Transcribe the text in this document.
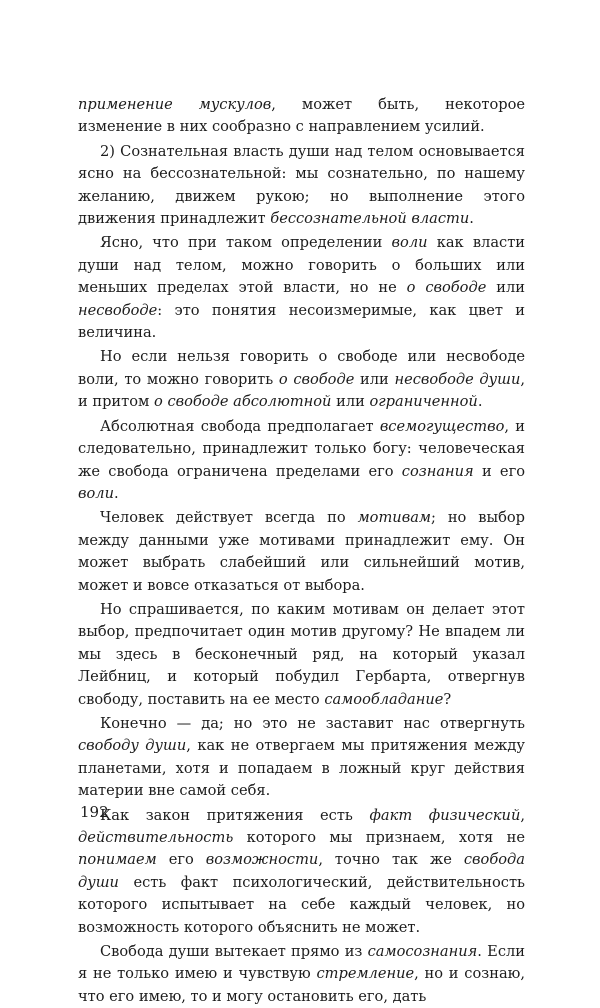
применение мускулов, может быть, некоторое изменение в них сообразно с направлением усилий.

2) Сознательная власть души над телом основывается ясно на бессознательной: мы сознательно, по нашему желанию, движем рукою; но выполнение этого движения принадлежит бессознательной власти.

Ясно, что при таком определении воли как власти души над телом, можно говорить о больших или меньших пределах этой власти, но не о свободе или несвободе: это понятия несоизмеримые, как цвет и величина.

Но если нельзя говорить о свободе или несвободе воли, то можно говорить о свободе или несвободе души, и притом о свободе абсолютной или ограниченной.

Абсолютная свобода предполагает всемогущество, и следовательно, принадлежит только богу: человеческая же свобода ограничена пределами его сознания и его воли.

Человек действует всегда по мотивам; но выбор между данными уже мотивами принадлежит ему. Он может выбрать слабейший или сильнейший мотив, может и вовсе отказаться от выбора.

Но спрашивается, по каким мотивам он делает этот выбор, предпочитает один мотив другому? Не впадем ли мы здесь в бесконечный ряд, на который указал Лейбниц, и который побудил Гербарта, отвергнув свободу, поставить на ее место самообладание?

Конечно — да; но это не заставит нас отвергнуть свободу души, как не отвергаем мы притяжения между планетами, хотя и попадаем в ложный круг действия материи вне самой себя.

Как закон притяжения есть факт физический, действительность которого мы признаем, хотя не понимаем его возможности, точно так же свобода души есть факт психологический, действительность которого испытывает на себе каждый человек, но возможность которого объяснить не может.

Свобода души вытекает прямо из самосознания. Если я не только имею и чувствую стремление, но и сознаю, что его имею, то и могу остановить его, дать

192
